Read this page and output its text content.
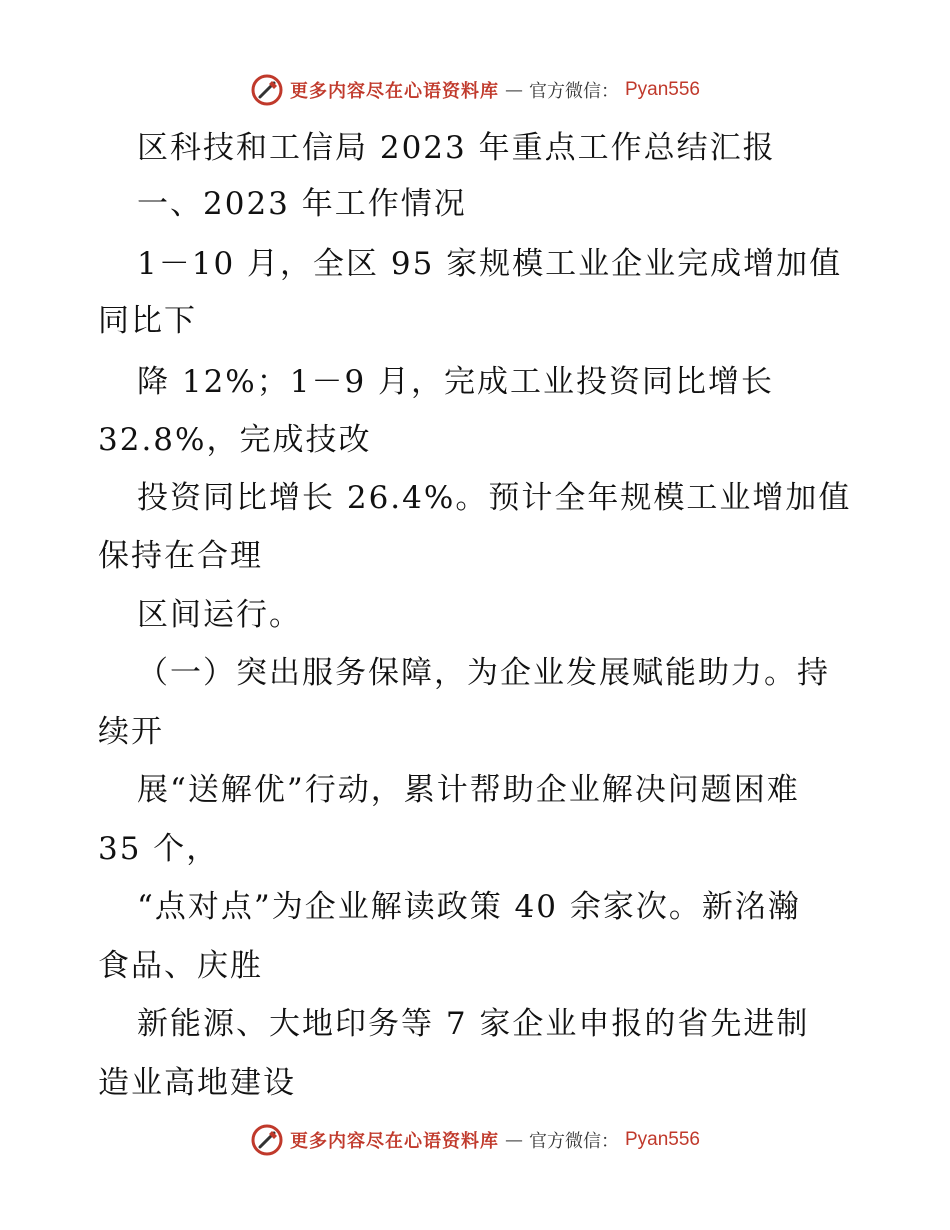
更多内容尽在心语资料库 — 官方微信： Pyan556
区科技和工信局 2023 年重点工作总结汇报
一、2023 年工作情况
1－10 月，全区 95 家规模工业企业完成增加值
同比下
降 12%；1－9 月，完成工业投资同比增长
32.8%，完成技改
投资同比增长 26.4%。预计全年规模工业增加值
保持在合理
区间运行。
（一）突出服务保障，为企业发展赋能助力。持
续开
展“送解优”行动，累计帮助企业解决问题困难
35 个，
“点对点”为企业解读政策 40 余家次。新洺瀚
食品、庆胜
新能源、大地印务等 7 家企业申报的省先进制
造业高地建设
更多内容尽在心语资料库 — 官方微信： Pyan556
